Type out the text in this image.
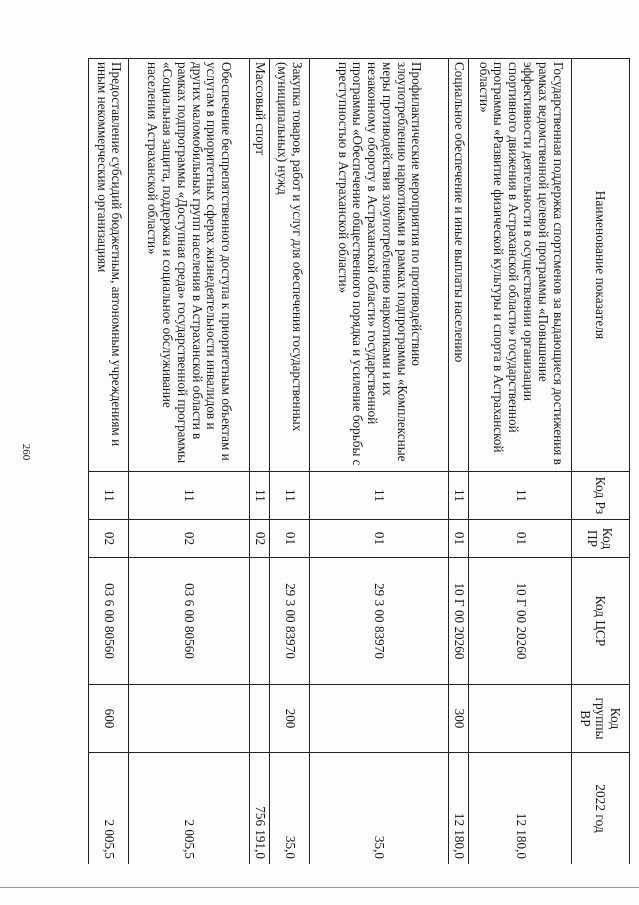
260
Наименование показателя	Код Рз	Код ПР	Код ЦСР	Код группы ВР	2022 год
Государственная поддержка спортсменов за выдающиеся достижения в рамках ведомственной целевой программы «Повышение эффективности деятельности в осуществлении организации спортивного движения в Астраханской области» государственной программы «Развитие физической культуры и спорта в Астраханской области»	11	01	10 Г 00 20260		12 180,0
Социальное обеспечение и иные выплаты населению	11	01	10 Г 00 20260	300	12 180,0
Профилактические мероприятия по противодействию злоупотреблению наркотиками в рамках подпрограммы «Комплексные меры противодействия злоупотреблению наркотиками и их незаконному обороту в Астраханской области» государственной программы «Обеспечение общественного порядка и усиление борьбы с преступностью в Астраханской области»	11	01	29 3 00 83970		35,0
Закупка товаров, работ и услуг для обеспечения государственных (муниципальных) нужд	11	01	29 3 00 83970	200	35,0
Массовый спорт	11	02			756 191,0
Обеспечение беспрепятственного доступа к приоритетным объектам и услугам в приоритетных сферах жизнедеятельности инвалидов и других маломобильных групп населения в Астраханской области в рамках подпрограммы «Доступная среда» государственной программы «Социальная защита, поддержка и социальное обслуживание населения Астраханской области»	11	02	03 6 00 80560		2 005,5
Предоставление субсидий бюджетным, автономным учреждениям и иным некоммерческим организациям	11	02	03 6 00 80560	600	2 005,5
